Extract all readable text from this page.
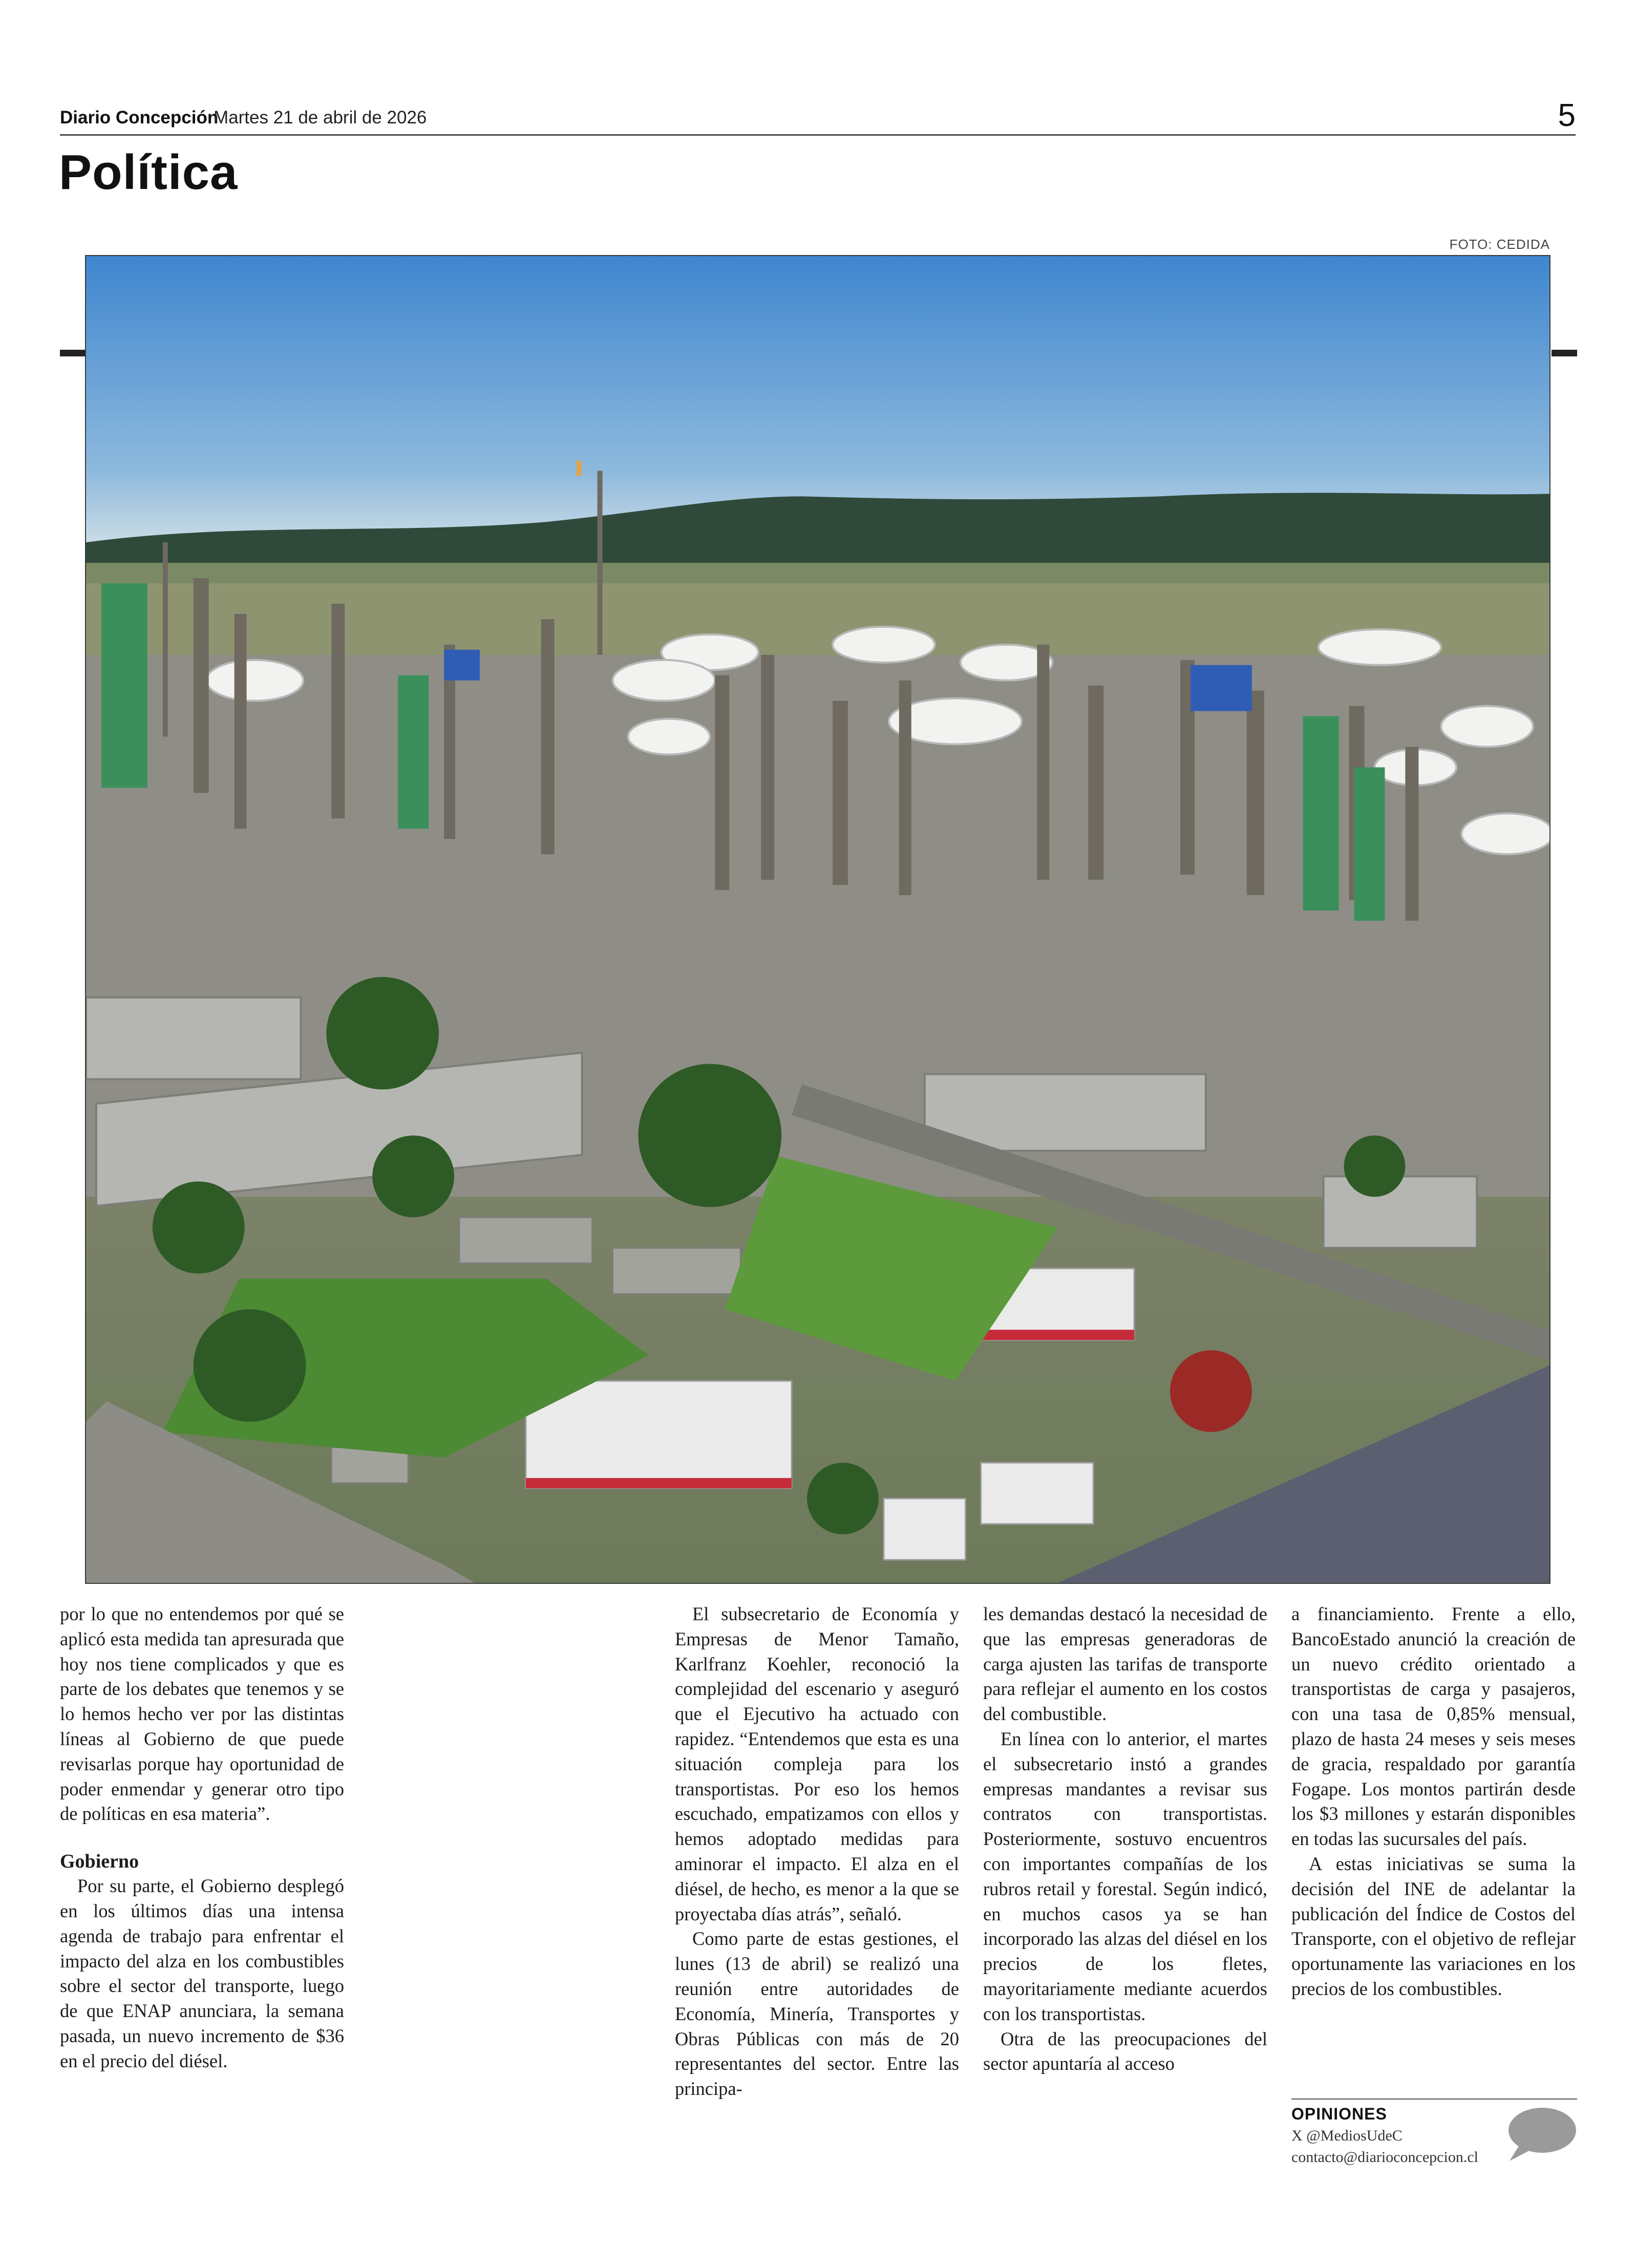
Diario Concepción
Martes 21 de abril de 2026	5
Política
FOTO: CEDIDA

por lo que no entendemos por qué se aplicó esta medida tan apresurada que hoy nos tiene complicados y que es parte de los debates que tenemos y se lo hemos hecho ver por las distintas líneas al Gobierno de que puede revisarlas porque hay oportunidad de poder enmendar y generar otro tipo de políticas en esa materia”.

Gobierno

Por su parte, el Gobierno desplegó en los últimos días una intensa agenda de trabajo para enfrentar el impacto del alza en los combustibles sobre el sector del transporte, luego de que ENAP anunciara, la semana pasada, un nuevo incremento de $36 en el precio del diésel.

El subsecretario de Economía y Empresas de Menor Tamaño, Karlfranz Koehler, reconoció la complejidad del escenario y aseguró que el Ejecutivo ha actuado con rapidez. “Entendemos que esta es una situación compleja para los transportistas. Por eso los hemos escuchado, empatizamos con ellos y hemos adoptado medidas para aminorar el impacto. El alza en el diésel, de hecho, es menor a la que se proyectaba días atrás”, señaló.

Como parte de estas gestiones, el lunes (13 de abril) se realizó una reunión entre autoridades de Economía, Minería, Transportes y Obras Públicas con más de 20 representantes del sector. Entre las principa-

les demandas destacó la necesidad de que las empresas generadoras de carga ajusten las tarifas de transporte para reflejar el aumento en los costos del combustible.

En línea con lo anterior, el martes el subsecretario instó a grandes empresas mandantes a revisar sus contratos con transportistas. Posteriormente, sostuvo encuentros con importantes compañías de los rubros retail y forestal. Según indicó, en muchos casos ya se han incorporado las alzas del diésel en los precios de los fletes, mayoritariamente mediante acuerdos con los transportistas.

Otra de las preocupaciones del sector apuntaría al acceso

a financiamiento. Frente a ello, BancoEstado anunció la creación de un nuevo crédito orientado a transportistas de carga y pasajeros, con una tasa de 0,85% mensual, plazo de hasta 24 meses y seis meses de gracia, respaldado por garantía Fogape. Los montos partirán desde los $3 millones y estarán disponibles en todas las sucursales del país.

A estas iniciativas se suma la decisión del INE de adelantar la publicación del Índice de Costos del Transporte, con el objetivo de reflejar oportunamente las variaciones en los precios de los combustibles.

OPINIONES
X @MediosUdeC
contacto@diarioconcepcion.cl
